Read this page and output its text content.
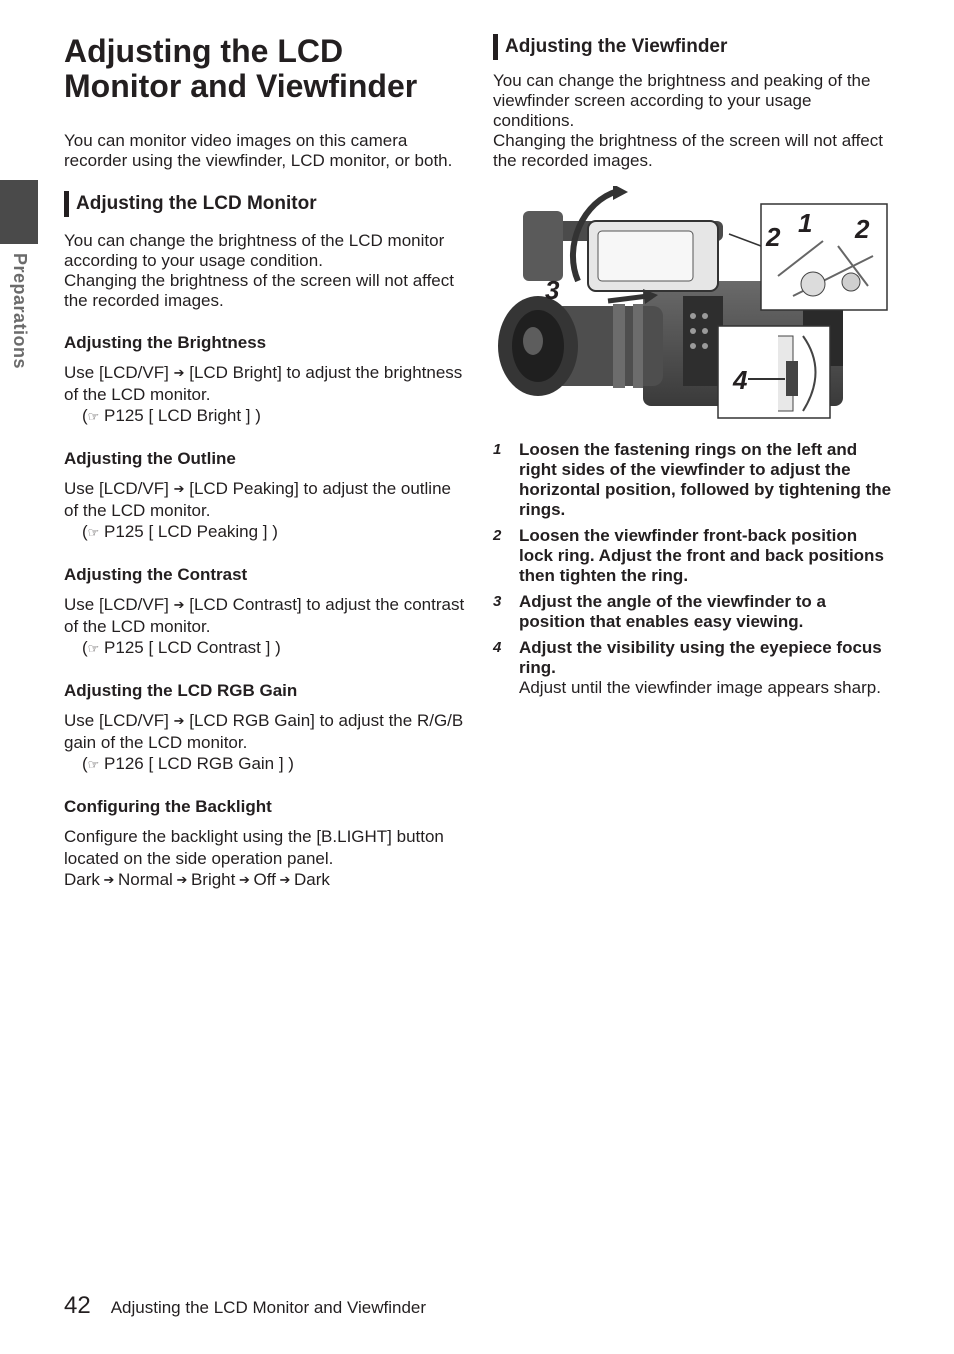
Preparations
Adjusting the LCD Monitor and Viewfinder

You can monitor video images on this camera recorder using the viewfinder, LCD monitor, or both.

Adjusting the LCD Monitor

You can change the brightness of the LCD monitor according to your usage condition.

Changing the brightness of the screen will not affect the recorded images.

Adjusting the Brightness
Use [LCD/VF] ➔ [LCD Bright] to adjust the brightness of the LCD monitor.
(☞ P125 [ LCD Bright ] )
Adjusting the Outline
Use [LCD/VF] ➔ [LCD Peaking] to adjust the outline of the LCD monitor.
(☞ P125 [ LCD Peaking ] )
Adjusting the Contrast
Use [LCD/VF] ➔ [LCD Contrast] to adjust the contrast of the LCD monitor.
(☞ P125 [ LCD Contrast ] )
Adjusting the LCD RGB Gain
Use [LCD/VF] ➔ [LCD RGB Gain] to adjust the R/G/B gain of the LCD monitor.
(☞ P126 [ LCD RGB Gain ] )
Configuring the Backlight
Configure the backlight using the [B.LIGHT] button located on the side operation panel.
Dark ➔ Normal ➔ Bright ➔ Off ➔ Dark
Adjusting the Viewfinder

You can change the brightness and peaking of the viewfinder screen according to your usage conditions.

Changing the brightness of the screen will not affect the recorded images.

1
2	2
3
4
1	Loosen the fastening rings on the left and right sides of the viewfinder to adjust the horizontal position, followed by tightening the rings.
2	Loosen the viewfinder front-back position lock ring. Adjust the front and back positions then tighten the ring.
3	Adjust the angle of the viewfinder to a position that enables easy viewing.
4	Adjust the visibility using the eyepiece focus ring.
Adjust until the viewfinder image appears sharp.
42 Adjusting the LCD Monitor and Viewfinder
